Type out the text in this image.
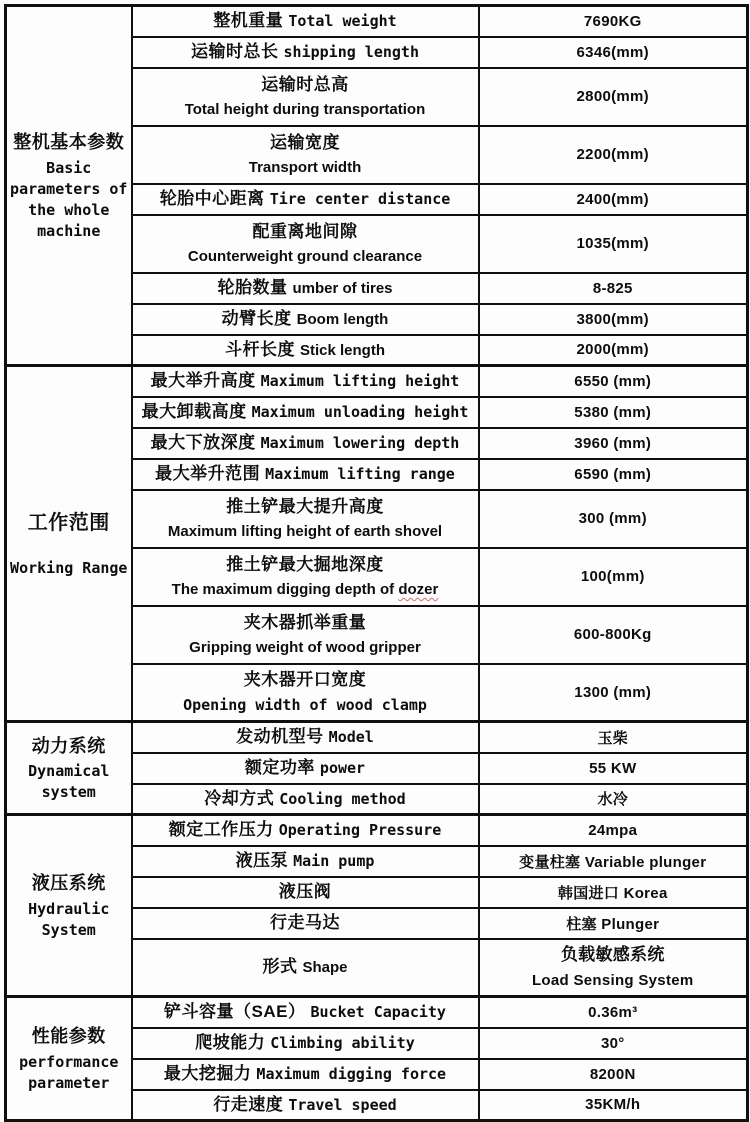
整机基本参数
Basic parameters of the whole machine	整机重量 Total weight	7690KG
	运输时总长 shipping length	6346(mm)

	运输时总高
Total height during transportation	2800(mm)

	运输宽度
Transport width	2200(mm)
	轮胎中心距离 Tire center distance	2400(mm)

	配重离地间隙
Counterweight ground clearance	1035(mm)
	轮胎数量 umber of tires	8-825
	动臂长度 Boom length	3800(mm)
	斗杆长度 Stick length	2000(mm)

工作范围
Working Range	最大举升高度 Maximum lifting height	6550 (mm)
	最大卸载高度 Maximum unloading height	5380 (mm)
	最大下放深度 Maximum lowering depth	3960 (mm)
	最大举升范围 Maximum lifting range	6590 (mm)

	推土铲最大提升高度
Maximum lifting height of earth shovel	300 (mm)

	推土铲最大掘地深度
The maximum digging depth of dozer	100(mm)

	夹木器抓举重量
Gripping weight of wood gripper	600-800Kg

	夹木器开口宽度
Opening width of wood clamp	1300 (mm)

动力系统
Dynamical system	发动机型号 Model	玉柴
	额定功率 power	55 KW
	冷却方式 Cooling method	水冷

液压系统
Hydraulic System	额定工作压力 Operating Pressure	24mpa
	液压泵 Main pump	变量柱塞 Variable plunger
	液压阀	韩国进口 Korea
	行走马达	柱塞 Plunger
	形式 Shape	负载敏感系统
Load Sensing System

性能参数
performance parameter	铲斗容量（SAE） Bucket Capacity	0.36m³
	爬坡能力 Climbing ability	30°
	最大挖掘力 Maximum digging force	8200N
	行走速度 Travel speed	35KM/h
